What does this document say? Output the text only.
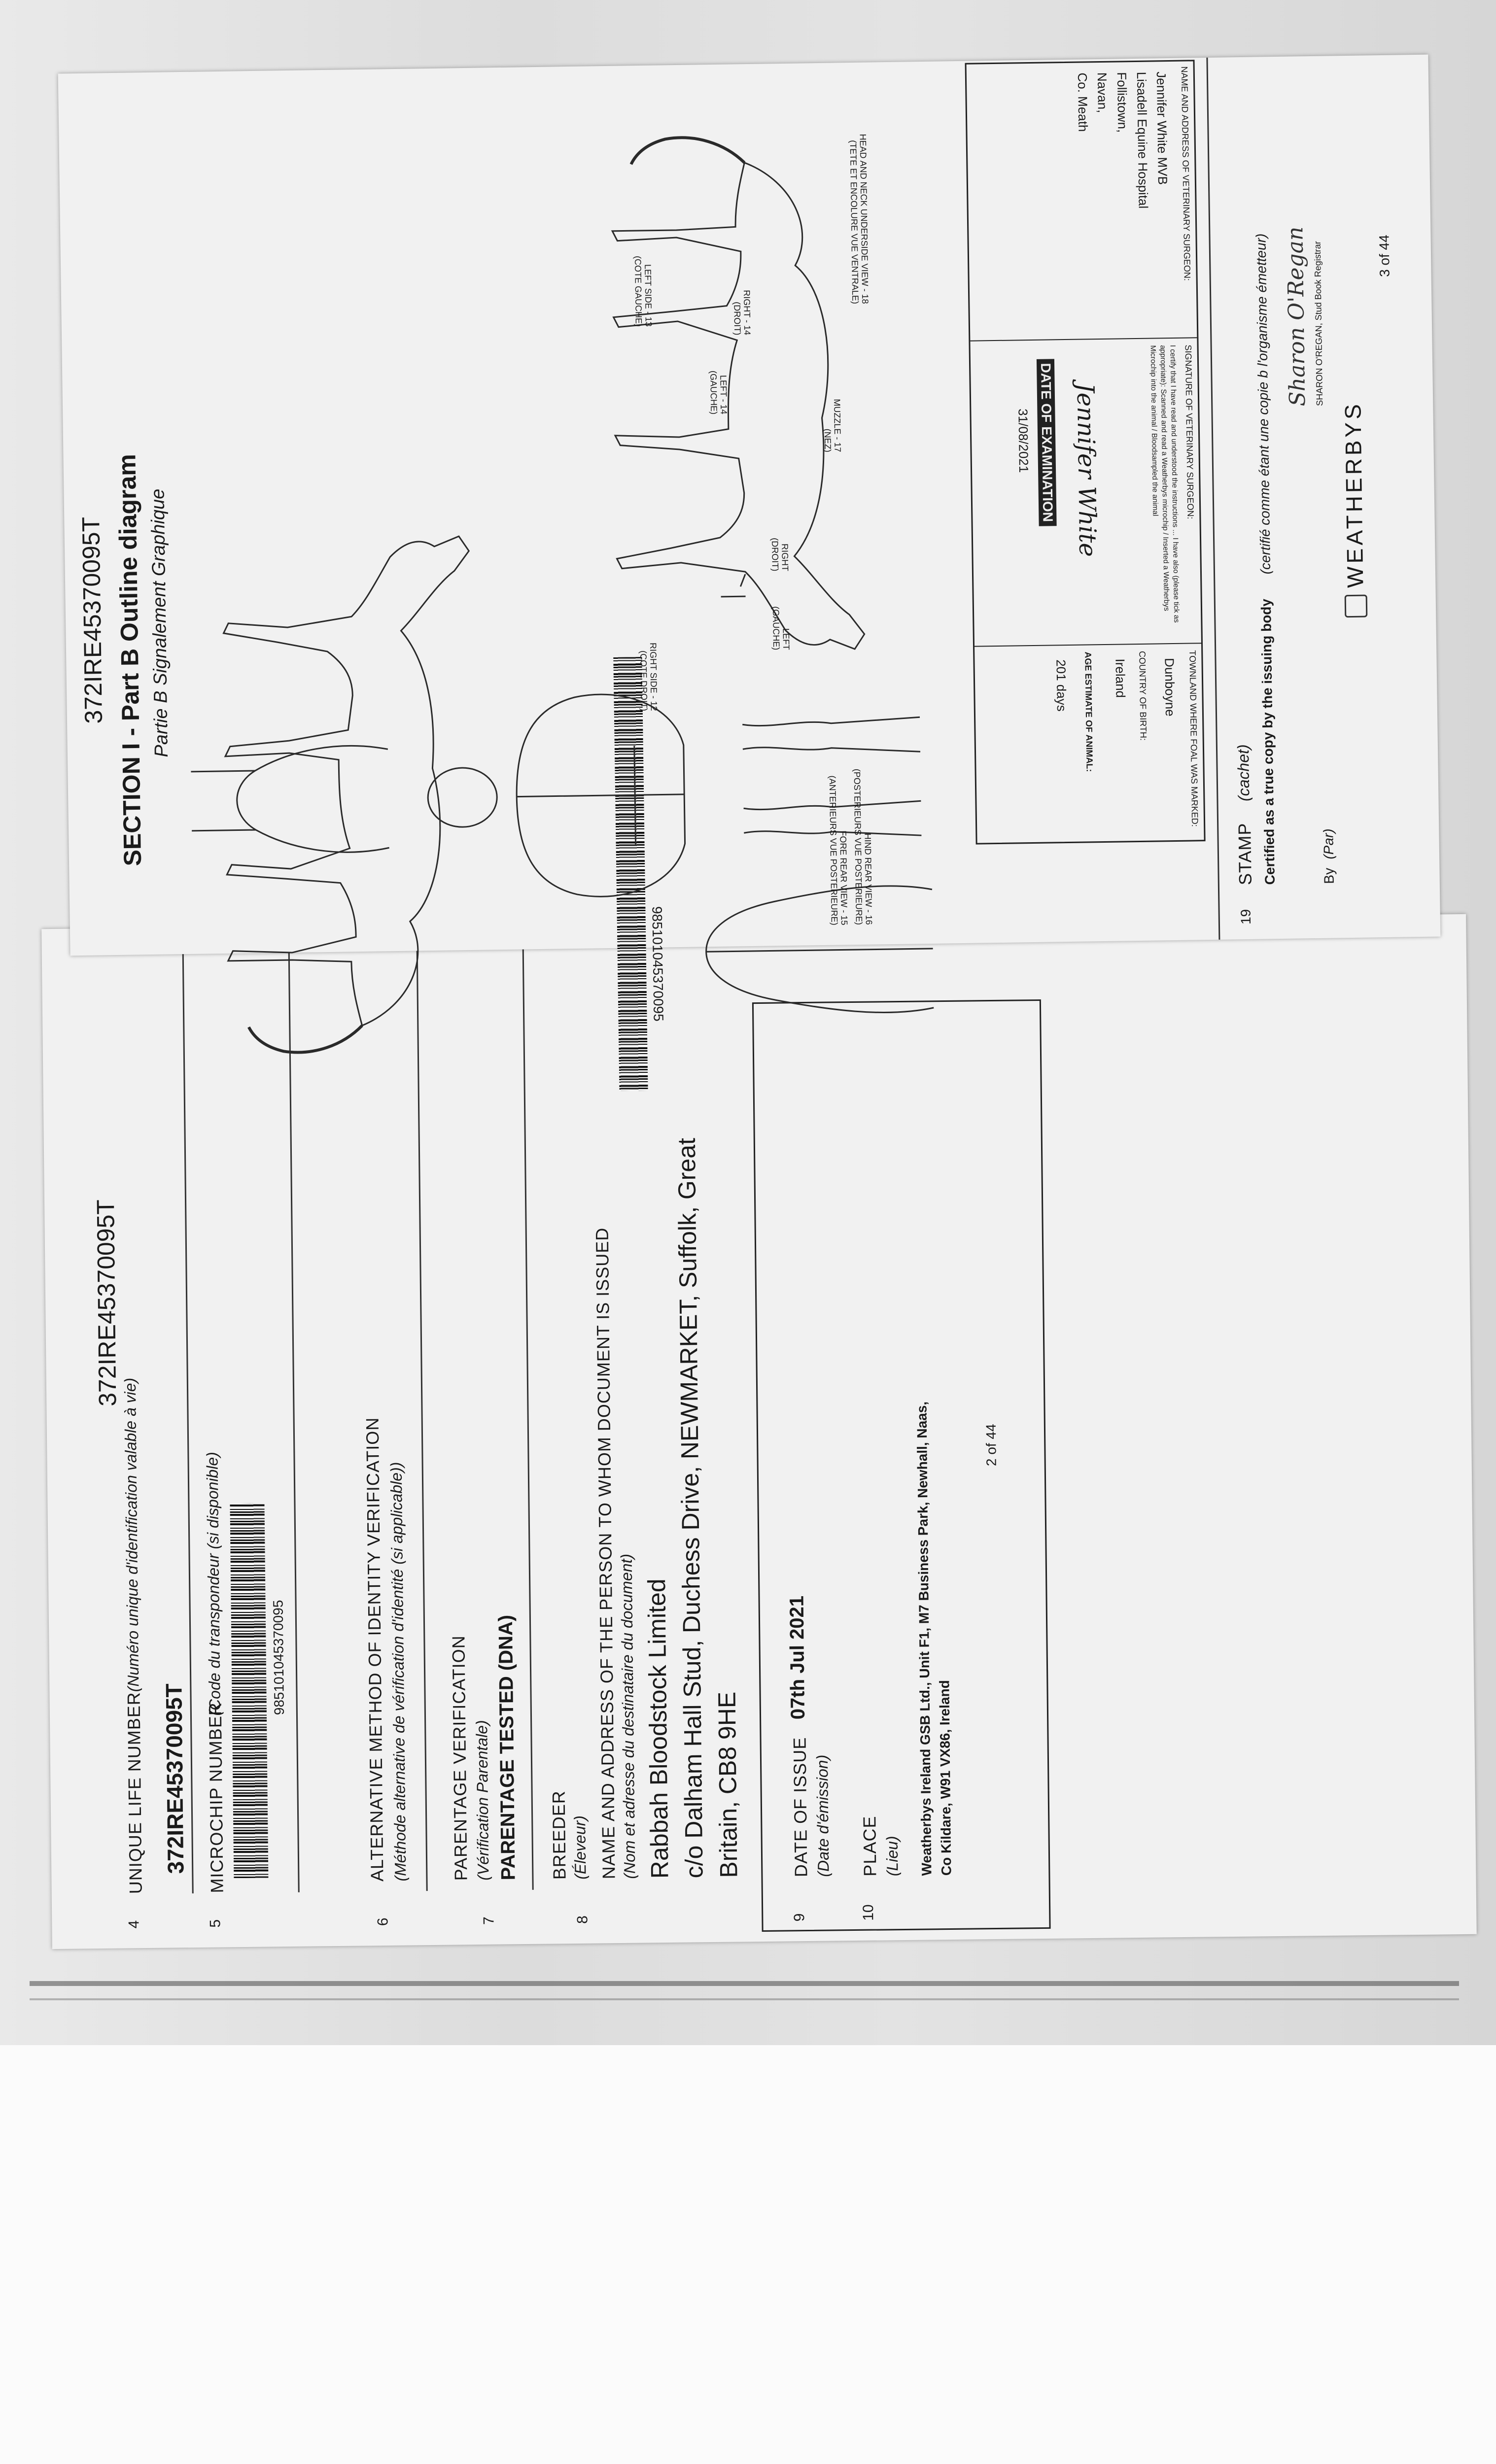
4
372IRE45370095T
UNIQUE LIFE NUMBER
(Numéro unique d'identification valable à vie)
372IRE45370095T
5
MICROCHIP NUMBER
(Code du transpondeur (si disponible)	985101045370095
6
ALTERNATIVE METHOD OF IDENTITY VERIFICATION (Méthode alternative de vérification d'identité (si applicable))
7
PARENTAGE VERIFICATION (Vérification Parentale) PARENTAGE TESTED (DNA)
8
BREEDER (Éleveur) NAME AND ADDRESS OF THE PERSON TO WHOM DOCUMENT IS ISSUED
(Nom et adresse du destinataire du document) Rabbah Bloodstock Limited
c/o Dalham Hall Stud, Duchess Drive, NEWMARKET, Suffolk, Great Britain, CB8 9HE
9
DATE OF ISSUE
07th Jul 2021
(Date d'émission)
10
PLACE (Lieu) Weatherbys Ireland GSB Ltd., Unit F1, M7 Business Park, Newhall, Naas, Co Kildare, W91 VX86, Ireland
2 of 44
372IRE45370095T SECTION I - Part B Outline diagram Partie B Signalement Graphique
985101045370095
RIGHT SIDE - 12
(COTE DROIT)
LEFT SIDE - 13
(COTE GAUCHE)
FORE REAR VIEW - 15
(ANTERIEURS VUE POSTERIEURE)	HIND REAR VIEW - 16
(POSTERIEURS VUE POSTERIEURE)
MUZZLE - 17
(NEZ)
HEAD AND NECK UNDERSIDE VIEW - 18
(TETE ET ENCOLURE VUE VENTRALE)
LEFT - 14
(GAUCHE)
RIGHT - 14
(DROIT)
LEFT
(GAUCHE)
RIGHT
(DROIT)
NAME AND ADDRESS OF VETERINARY SURGEON:
Jennifer White MVB
Lisadell Equine Hospital
Follistown,
Navan,
Co. Meath
SIGNATURE OF VETERINARY SURGEON:
I certify that I have read and understood the instructions ... I have also (please tick as appropriate): Scanned and read a Weatherbys microchip / Inserted a Weatherbys Microchip into the animal / Bloodsampled the animal
Jennifer White
DATE OF EXAMINATION
31/08/2021
TOWNLAND WHERE FOAL WAS MARKED:
Dunboyne
COUNTRY OF BIRTH:
Ireland
AGE ESTIMATE OF ANIMAL:
201 days
19
STAMP
(cachet) Certified as a true copy by the issuing body
(certifié comme étant une copie b l'organisme émetteur)
By
(Par)
Sharon O'Regan SHARON O'REGAN, Stud Book Registrar
WEATHERBYS
3 of 44
